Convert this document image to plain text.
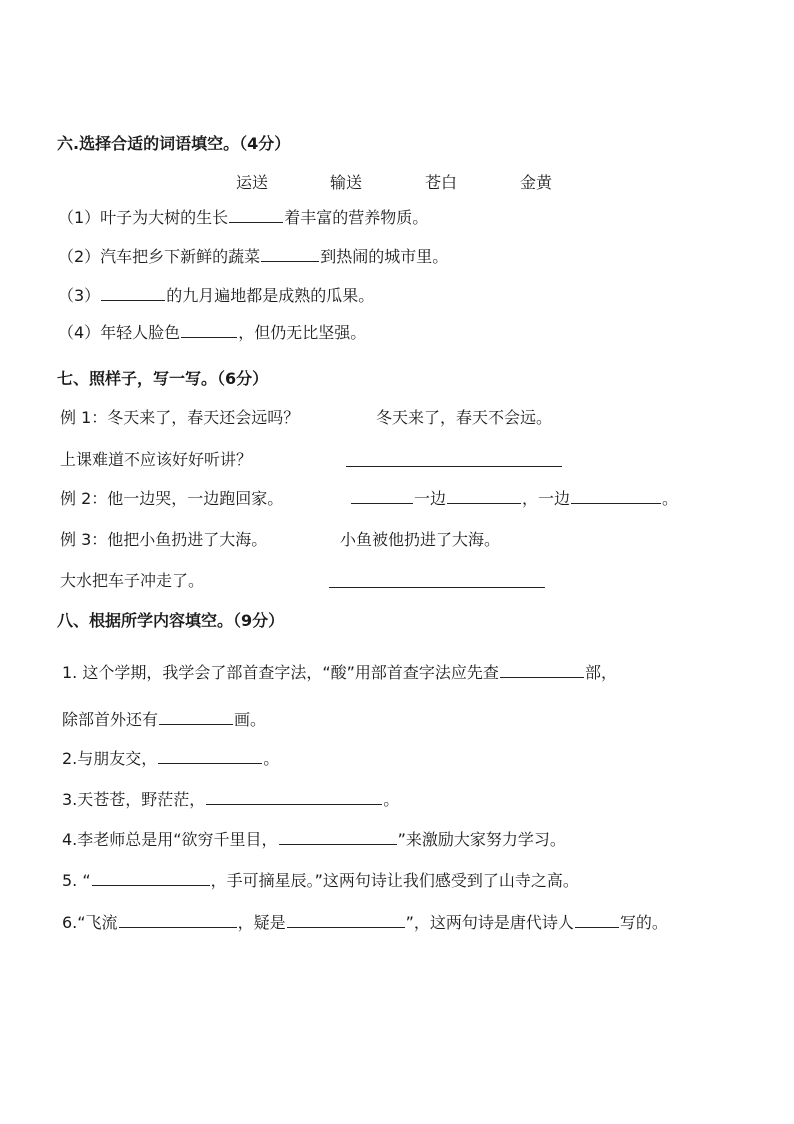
六.选择合适的词语填空。（4分）
运送	输送	苍白	金黄
（1）叶子为大树的生长	着丰富的营养物质。
（2）汽车把乡下新鲜的蔬菜	到热闹的城市里。
（3）	的九月遍地都是成熟的瓜果。
（4）年轻人脸色	，但仍无比坚强。
七、照样子，写一写。（6分）
例 1：冬天来了，春天还会远吗？	冬天来了，春天不会远。
上课难道不应该好好听讲？
例 2：他一边哭，一边跑回家。	一边	，一边	。
例 3：他把小鱼扔进了大海。	小鱼被他扔进了大海。
大水把车子冲走了。
八、根据所学内容填空。（9分）
1. 这个学期，我学会了部首查字法，“酸”用部首查字法应先查	部，
除部首外还有	画。
2.与朋友交，	。
3.天苍苍，野茫茫，	。
4.李老师总是用“欲穷千里目，	”来激励大家努力学习。
5. “	，手可摘星辰。”这两句诗让我们感受到了山寺之高。
6.“飞流	，疑是	”，这两句诗是唐代诗人	写的。
